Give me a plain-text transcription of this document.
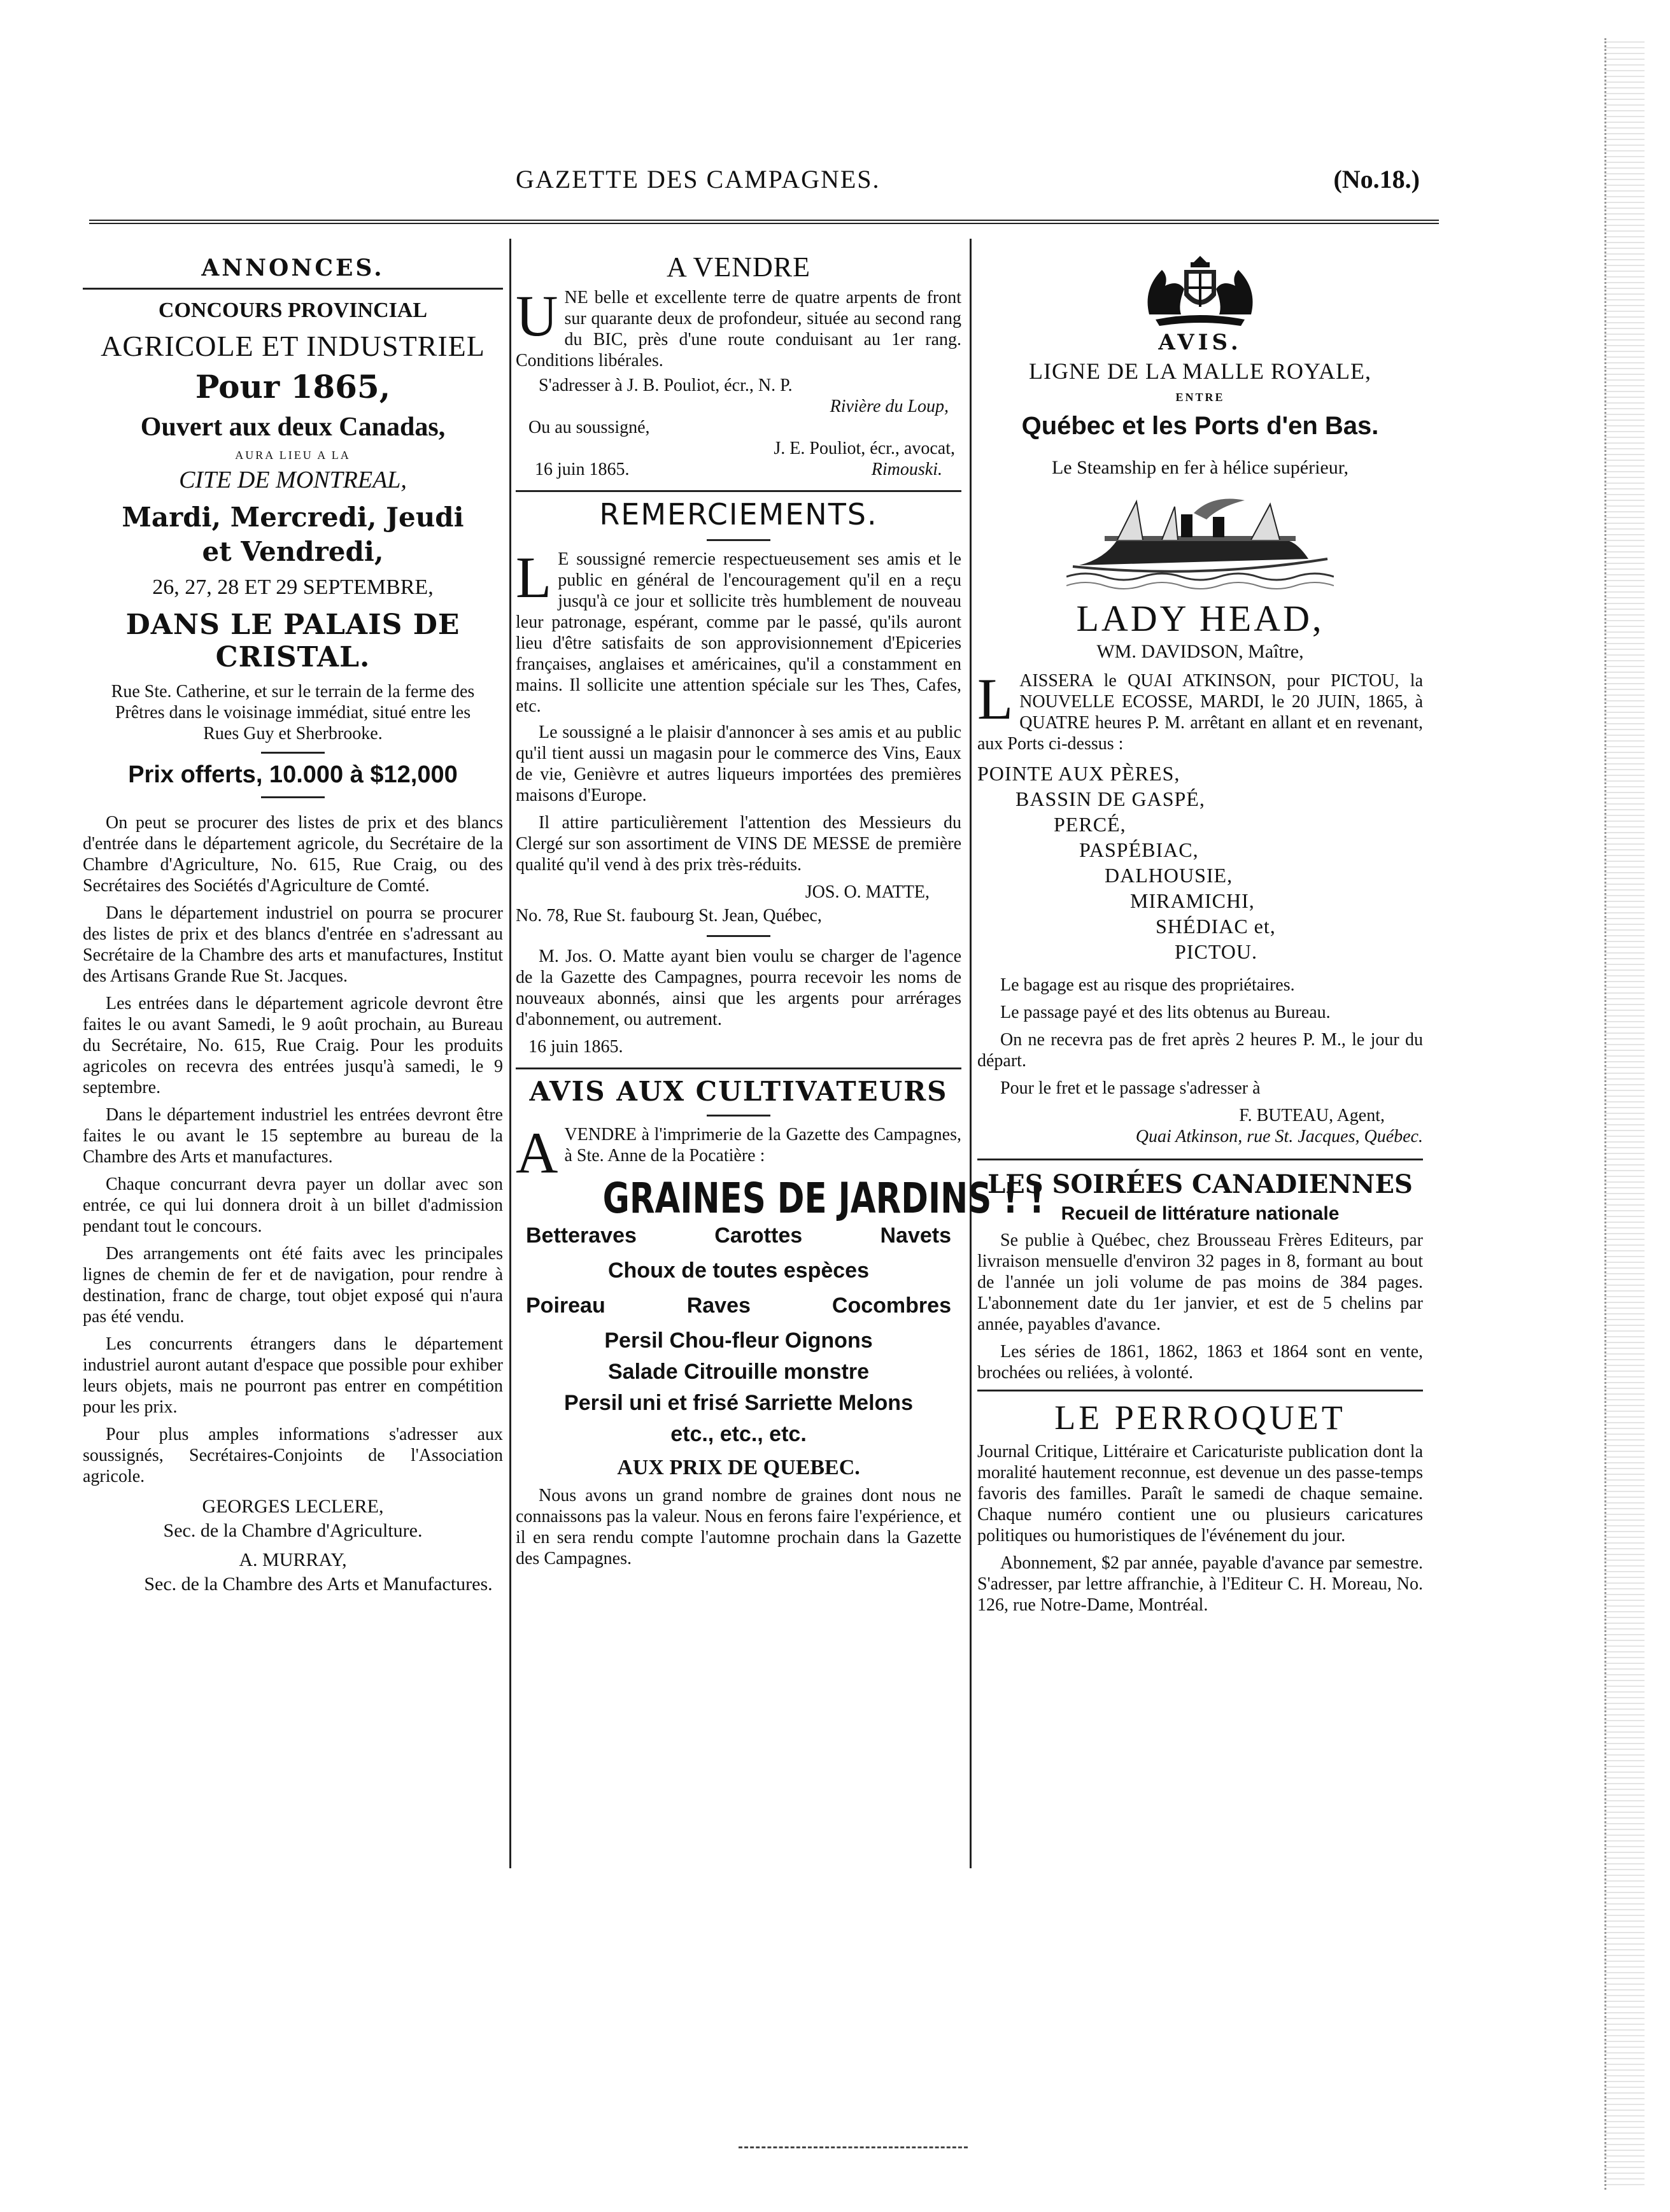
GAZETTE DES CAMPAGNES.	(No.18.)
ANNONCES.
CONCOURS PROVINCIAL
AGRICOLE ET INDUSTRIEL
Pour 1865,
Ouvert aux deux Canadas,
AURA LIEU A LA
CITE DE MONTREAL,
Mardi, Mercredi, Jeudi et Vendredi,
26, 27, 28 ET 29 SEPTEMBRE,
DANS LE PALAIS DE CRISTAL.
Rue Ste. Catherine, et sur le terrain de la ferme des Prêtres dans le voisinage immédiat, situé entre les Rues Guy et Sherbrooke.
Prix offerts, 10.000 à $12,000

On peut se procurer des listes de prix et des blancs d'entrée dans le département agricole, du Secrétaire de la Chambre d'Agriculture, No. 615, Rue Craig, ou des Secrétaires des Sociétés d'Agriculture de Comté.

Dans le département industriel on pourra se procurer des listes de prix et des blancs d'entrée en s'adressant au Secrétaire de la Chambre des arts et manufactures, Institut des Artisans Grande Rue St. Jacques.

Les entrées dans le département agricole devront être faites le ou avant Samedi, le 9 août prochain, au Bureau du Secrétaire, No. 615, Rue Craig. Pour les produits agricoles on recevra des entrées jusqu'à samedi, le 9 septembre.

Dans le département industriel les entrées devront être faites le ou avant le 15 septembre au bureau de la Chambre des Arts et manufactures.

Chaque concurrant devra payer un dollar avec son entrée, ce qui lui donnera droit à un billet d'admission pendant tout le concours.

Des arrangements ont été faits avec les principales lignes de chemin de fer et de navigation, pour rendre à destination, franc de charge, tout objet exposé qui n'aura pas été vendu.

Les concurrents étrangers dans le département industriel auront autant d'espace que possible pour exhiber leurs objets, mais ne pourront pas entrer en compétition pour les prix.

Pour plus amples informations s'adresser aux soussignés, Secrétaires-Conjoints de l'Association agricole.

GEORGES LECLERE,
Sec. de la Chambre d'Agriculture.
A. MURRAY,
Sec. de la Chambre des Arts et Manufactures.
A VENDRE
U NE belle et excellente terre de quatre arpents de front sur quarante deux de profondeur, située au second rang du BIC, près d'une route conduisant au 1er rang. Conditions libérales.
S'adresser à J. B. Pouliot, écr., N. P.
Rivière du Loup,
Ou au soussigné,
J. E. Pouliot, écr., avocat,
16 juin 1865.	Rimouski.
REMERCIEMENTS.
L E soussigné remercie respectueusement ses amis et le public en général de l'encouragement qu'il en a reçu jusqu'à ce jour et sollicite très humblement de nouveau leur patronage, espérant, comme par le passé, qu'ils auront lieu d'être satisfaits de son approvisionnement d'Epiceries françaises, anglaises et américaines, qu'il a constamment en mains. Il sollicite une attention spéciale sur les Thes, Cafes, etc.

Le soussigné a le plaisir d'annoncer à ses amis et au public qu'il tient aussi un magasin pour le commerce des Vins, Eaux de vie, Genièvre et autres liqueurs importées des premières maisons d'Europe.

Il attire particulièrement l'attention des Messieurs du Clergé sur son assortiment de VINS DE MESSE de première qualité qu'il vend à des prix très-réduits.

JOS. O. MATTE,
No. 78, Rue St. faubourg St. Jean, Québec,

M. Jos. O. Matte ayant bien voulu se charger de l'agence de la Gazette des Campagnes, pourra recevoir les noms de nouveaux abonnés, ainsi que les argents pour arrérages d'abonnement, ou autrement.

16 juin 1865.
AVIS AUX CULTIVATEURS
A VENDRE à l'imprimerie de la Gazette des Campagnes, à Ste. Anne de la Pocatière :
GRAINES DE JARDINS ! !
Betteraves	Carottes	Navets
Choux de toutes espèces
Poireau	Raves	Cocombres
Persil Chou-fleur Oignons
Salade Citrouille monstre
Persil uni et frisé Sarriette Melons
etc., etc., etc.
AUX PRIX DE QUEBEC.

Nous avons un grand nombre de graines dont nous ne connaissons pas la valeur. Nous en ferons faire l'expérience, et il en sera rendu compte l'automne prochain dans la Gazette des Campagnes.

AVIS.
LIGNE DE LA MALLE ROYALE,
ENTRE
Québec et les Ports d'en Bas.
Le Steamship en fer à hélice supérieur,
LADY HEAD,
WM. DAVIDSON, Maître,
L AISSERA le QUAI ATKINSON, pour PICTOU, la NOUVELLE ECOSSE, MARDI, le 20 JUIN, 1865, à QUATRE heures P. M. arrêtant en allant et en revenant, aux Ports ci-dessus :
POINTE AUX PÈRES,
BASSIN DE GASPÉ,
PERCÉ,
PASPÉBIAC,
DALHOUSIE,
MIRAMICHI,
SHÉDIAC et,
PICTOU.

Le bagage est au risque des propriétaires.

Le passage payé et des lits obtenus au Bureau.

On ne recevra pas de fret après 2 heures P. M., le jour du départ.

Pour le fret et le passage s'adresser à

F. BUTEAU, Agent,
Quai Atkinson, rue St. Jacques, Québec.
LES SOIRÉES CANADIENNES
Recueil de littérature nationale

Se publie à Québec, chez Brousseau Frères Editeurs, par livraison mensuelle d'environ 32 pages in 8, formant au bout de l'année un joli volume de pas moins de 384 pages. L'abonnement date du 1er janvier, et est de 5 chelins par année, payables d'avance.

Les séries de 1861, 1862, 1863 et 1864 sont en vente, brochées ou reliées, à volonté.

LE PERROQUET

Journal Critique, Littéraire et Caricaturiste publication dont la moralité hautement reconnue, est devenue un des passe-temps favoris des familles. Paraît le samedi de chaque semaine. Chaque numéro contient une ou plusieurs caricatures politiques ou humoristiques de l'événement du jour.

Abonnement, $2 par année, payable d'avance par semestre. S'adresser, par lettre affranchie, à l'Editeur C. H. Moreau, No. 126, rue Notre-Dame, Montréal.
